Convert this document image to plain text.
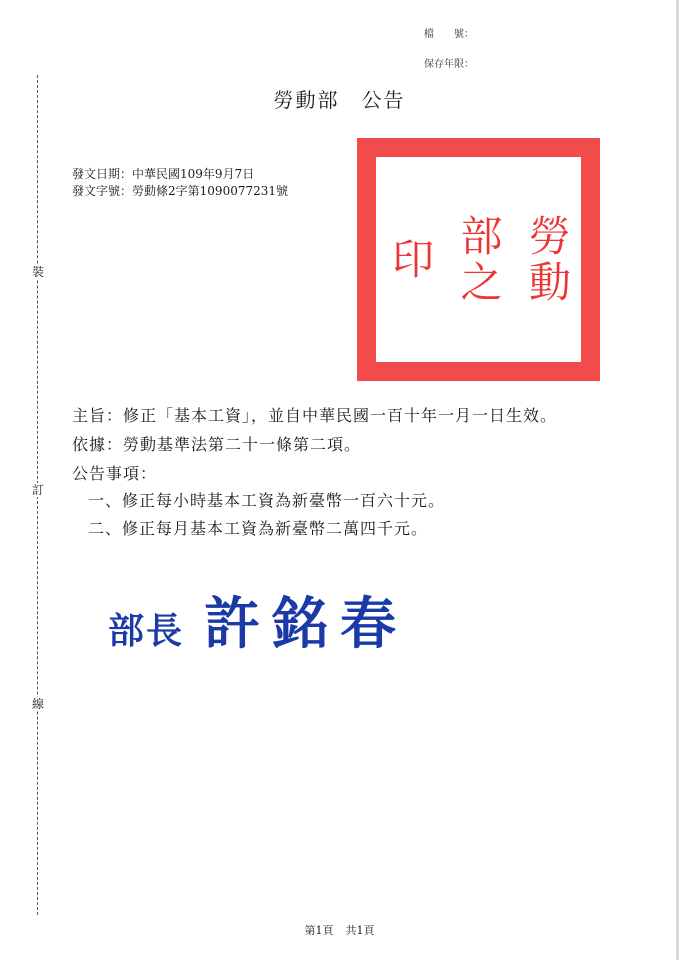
裝
訂
線
檔　　號：
保存年限：
勞動部 公告
發文日期：中華民國109年9月7日
發文字號：勞動條2字第1090077231號
印 部之 勞動
主旨：修正「基本工資」，並自中華民國一百十年一月一日生效。
依據：勞動基準法第二十一條第二項。
公告事項：
一、修正每小時基本工資為新臺幣一百六十元。
二、修正每月基本工資為新臺幣二萬四千元。
部長 許銘春
第1頁 共1頁
